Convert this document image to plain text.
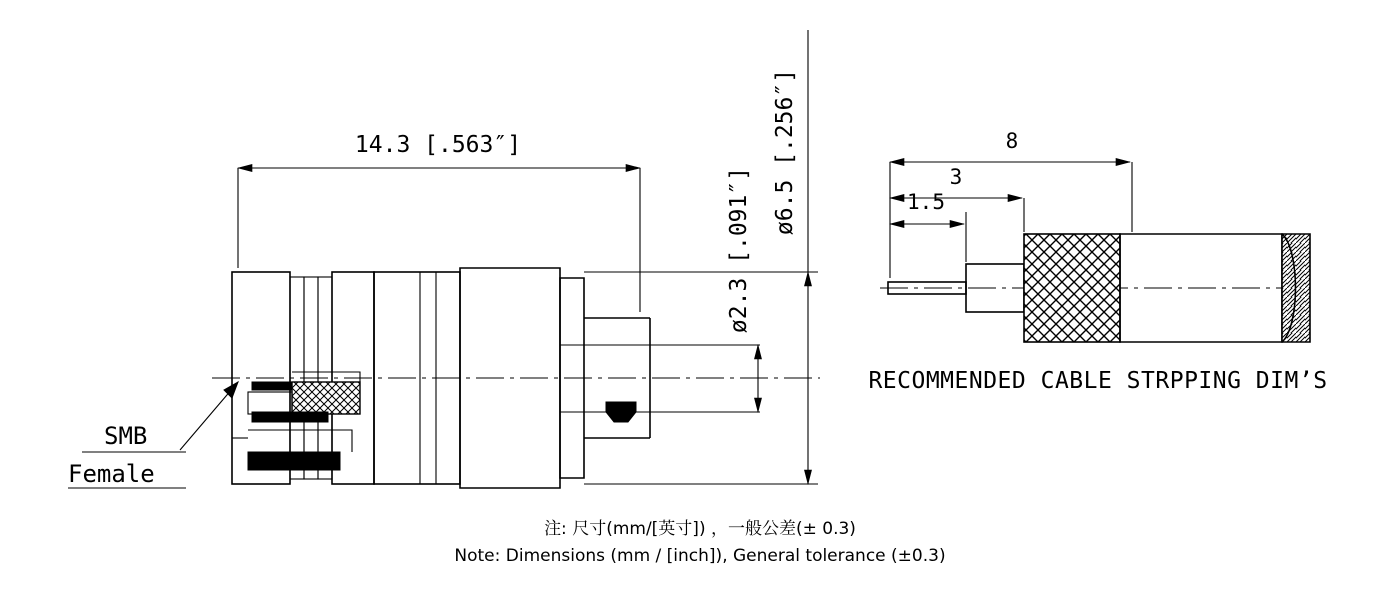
SMB
Female
14.3 [.563″]
ø2.3 [.091″]
ø6.5 [.256″]	1.5
3
8
RECOMMENDED CABLE STRPPING DIM’S
注: 尺寸(mm/[英寸]) ，一般公差(± 0.3)
Note: Dimensions (mm / [inch]), General tolerance (±0.3)
